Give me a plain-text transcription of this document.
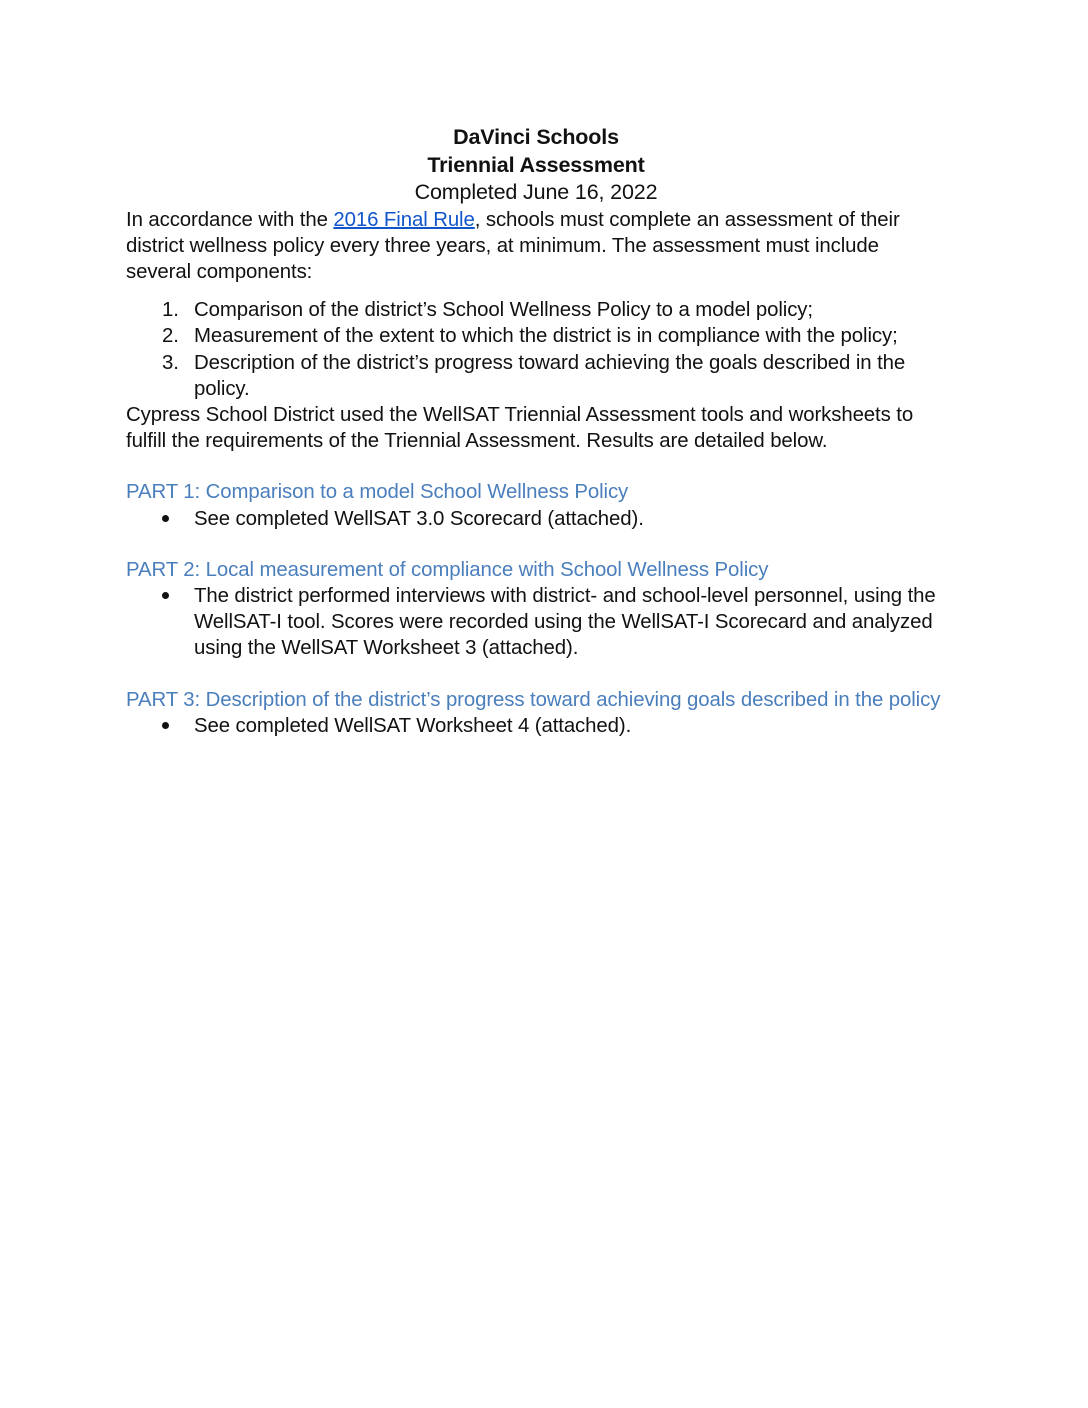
DaVinci Schools
Triennial Assessment
Completed June 16, 2022

In accordance with the 2016 Final Rule, schools must complete an assessment of their district wellness policy every three years, at minimum. The assessment must include several components:

1. Comparison of the district’s School Wellness Policy to a model policy;
2. Measurement of the extent to which the district is in compliance with the policy;
3. Description of the district’s progress toward achieving the goals described in the policy.

Cypress School District used the WellSAT Triennial Assessment tools and worksheets to fulfill the requirements of the Triennial Assessment. Results are detailed below.

PART 1: Comparison to a model School Wellness Policy

See completed WellSAT 3.0 Scorecard (attached).

PART 2: Local measurement of compliance with School Wellness Policy

The district performed interviews with district- and school-level personnel, using the WellSAT-I tool. Scores were recorded using the WellSAT-I Scorecard and analyzed using the WellSAT Worksheet 3 (attached).

PART 3: Description of the district’s progress toward achieving goals described in the policy

See completed WellSAT Worksheet 4 (attached).
